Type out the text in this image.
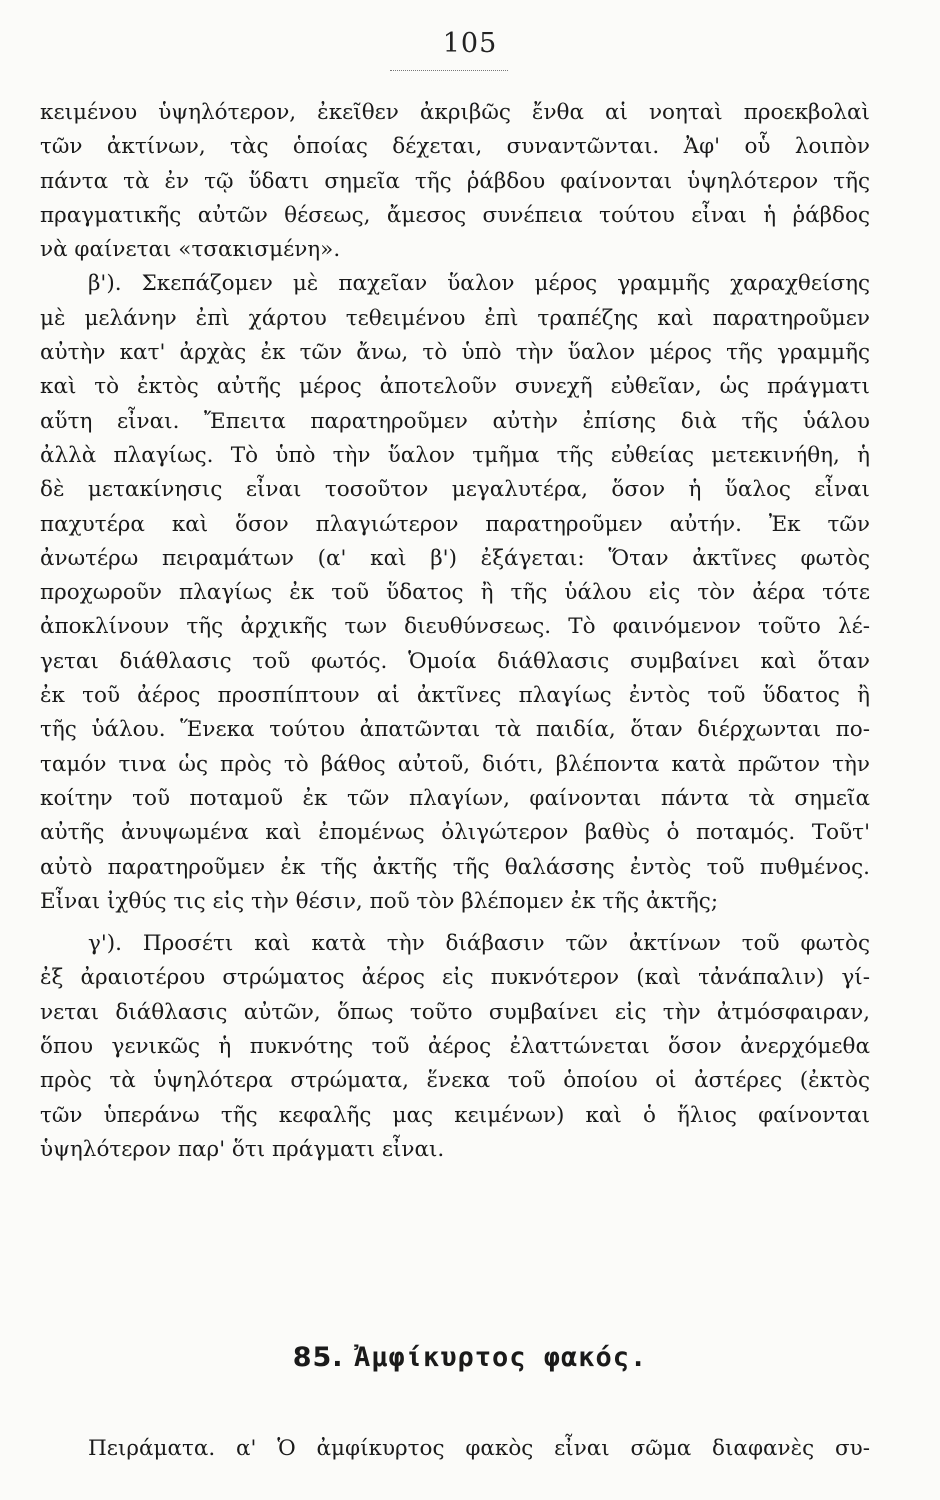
105
κειμένου ὑψηλότερον, ἐκεῖθεν ἀκριβῶς ἔνθα αἱ νοηταὶ προεκβολαὶ
τῶν ἀκτίνων, τὰς ὁποίας δέχεται, συναντῶνται. Ἀφ' οὗ λοιπὸν
πάντα τὰ ἐν τῷ ὕδατι σημεῖα τῆς ῥάβδου φαίνονται ὑψηλότερον τῆς
πραγματικῆς αὐτῶν θέσεως, ἄμεσος συνέπεια τούτου εἶναι ἡ ῥάβδος
νὰ φαίνεται «τσακισμένη».
β'). Σκεπάζομεν μὲ παχεῖαν ὕαλον μέρος γραμμῆς χαραχθείσης
μὲ μελάνην ἐπὶ χάρτου τεθειμένου ἐπὶ τραπέζης καὶ παρατηροῦμεν
αὐτὴν κατ' ἀρχὰς ἐκ τῶν ἄνω, τὸ ὑπὸ τὴν ὕαλον μέρος τῆς γραμμῆς
καὶ τὸ ἐκτὸς αὐτῆς μέρος ἀποτελοῦν συνεχῆ εὐθεῖαν, ὡς πράγματι
αὕτη εἶναι. Ἔπειτα παρατηροῦμεν αὐτὴν ἐπίσης διὰ τῆς ὑάλου
ἀλλὰ πλαγίως. Τὸ ὑπὸ τὴν ὕαλον τμῆμα τῆς εὐθείας μετεκινήθη, ἡ
δὲ μετακίνησις εἶναι τοσοῦτον μεγαλυτέρα, ὅσον ἡ ὕαλος εἶναι
παχυτέρα καὶ ὅσον πλαγιώτερον παρατηροῦμεν αὐτήν. Ἐκ τῶν
ἀνωτέρω πειραμάτων (α' καὶ β') ἐξάγεται: Ὅταν ἀκτῖνες φωτὸς
προχωροῦν πλαγίως ἐκ τοῦ ὕδατος ἢ τῆς ὑάλου εἰς τὸν ἀέρα τότε
ἀποκλίνουν τῆς ἀρχικῆς των διευθύνσεως. Τὸ φαινόμενον τοῦτο λέ-
γεται διάθλασις τοῦ φωτός. Ὁμοία διάθλασις συμβαίνει καὶ ὅταν
ἐκ τοῦ ἀέρος προσπίπτουν αἱ ἀκτῖνες πλαγίως ἐντὸς τοῦ ὕδατος ἢ
τῆς ὑάλου. Ἕνεκα τούτου ἀπατῶνται τὰ παιδία, ὅταν διέρχωνται πο-
ταμόν τινα ὡς πρὸς τὸ βάθος αὐτοῦ, διότι, βλέποντα κατὰ πρῶτον τὴν
κοίτην τοῦ ποταμοῦ ἐκ τῶν πλαγίων, φαίνονται πάντα τὰ σημεῖα
αὐτῆς ἀνυψωμένα καὶ ἐπομένως ὀλιγώτερον βαθὺς ὁ ποταμός. Τοῦτ'
αὐτὸ παρατηροῦμεν ἐκ τῆς ἀκτῆς τῆς θαλάσσης ἐντὸς τοῦ πυθμένος.
Εἶναι ἰχθύς τις εἰς τὴν θέσιν, ποῦ τὸν βλέπομεν ἐκ τῆς ἀκτῆς;
γ'). Προσέτι καὶ κατὰ τὴν διάβασιν τῶν ἀκτίνων τοῦ φωτὸς
ἐξ ἀραιοτέρου στρώματος ἀέρος εἰς πυκνότερον (καὶ τἀνάπαλιν) γί-
νεται διάθλασις αὐτῶν, ὅπως τοῦτο συμβαίνει εἰς τὴν ἀτμόσφαιραν,
ὅπου γενικῶς ἡ πυκνότης τοῦ ἀέρος ἐλαττώνεται ὅσον ἀνερχόμεθα
πρὸς τὰ ὑψηλότερα στρώματα, ἕνεκα τοῦ ὁποίου οἱ ἀστέρες (ἐκτὸς
τῶν ὑπεράνω τῆς κεφαλῆς μας κειμένων) καὶ ὁ ἥλιος φαίνονται
ὑψηλότερον παρ' ὅτι πράγματι εἶναι.
85. Ἀμφίκυρτος φακός.
Πειράματα. α' Ὁ ἀμφίκυρτος φακὸς εἶναι σῶμα διαφανὲς συ-
